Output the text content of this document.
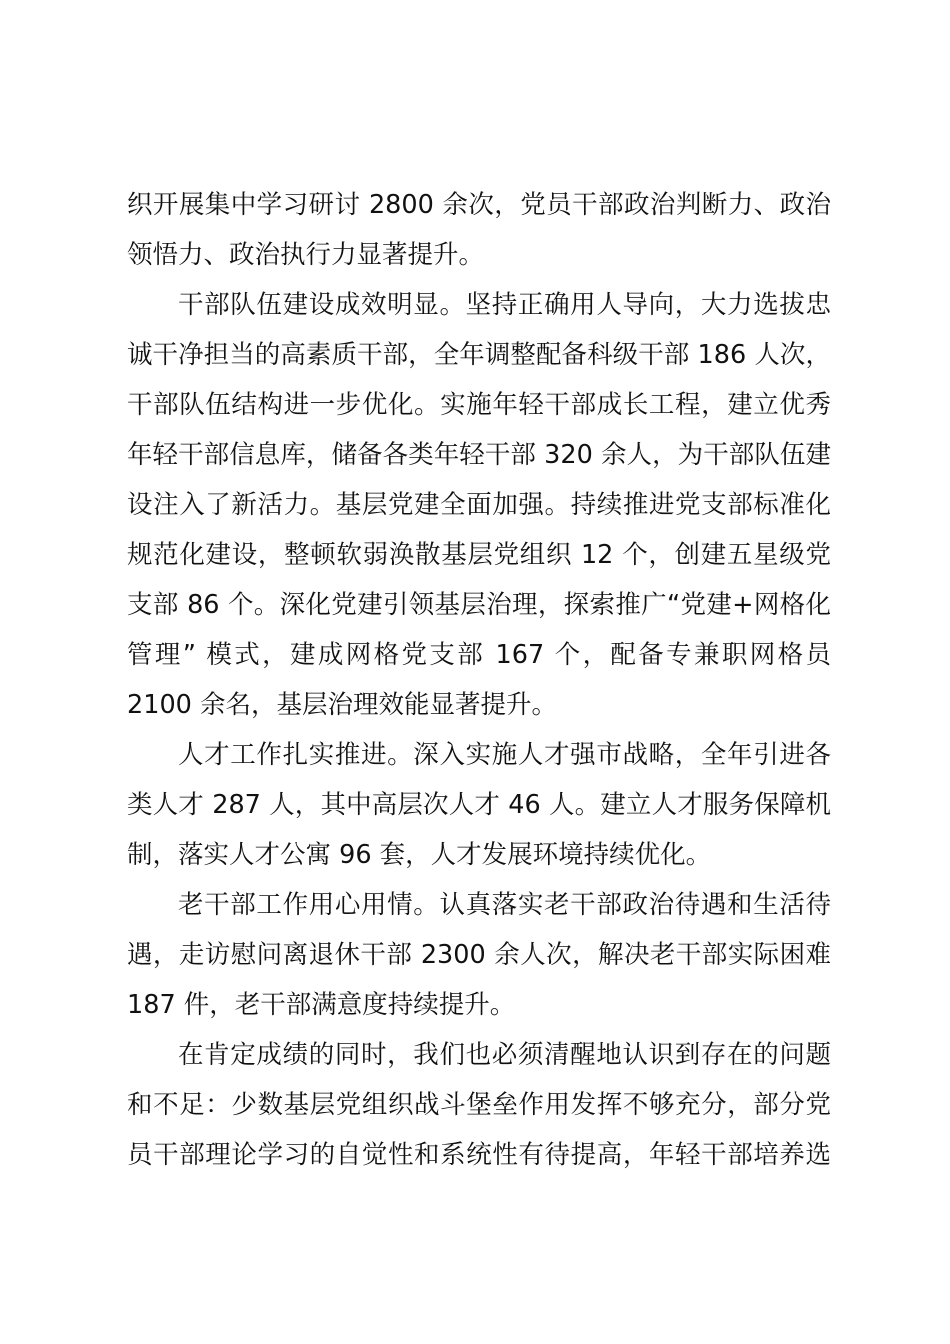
织开展集中学习研讨 2800 余次，党员干部政治判断力、政治
领悟力、政治执行力显著提升。
干部队伍建设成效明显。坚持正确用人导向，大力选拔忠
诚干净担当的高素质干部，全年调整配备科级干部 186 人次，
干部队伍结构进一步优化。实施年轻干部成长工程，建立优秀
年轻干部信息库，储备各类年轻干部 320 余人，为干部队伍建
设注入了新活力。基层党建全面加强。持续推进党支部标准化
规范化建设，整顿软弱涣散基层党组织 12 个，创建五星级党
支部 86 个。深化党建引领基层治理，探索推广“党建+网格化
管理” 模式，建成网格党支部 167 个，配备专兼职网格员
2100 余名，基层治理效能显著提升。
人才工作扎实推进。深入实施人才强市战略，全年引进各
类人才 287 人，其中高层次人才 46 人。建立人才服务保障机
制，落实人才公寓 96 套，人才发展环境持续优化。
老干部工作用心用情。认真落实老干部政治待遇和生活待
遇，走访慰问离退休干部 2300 余人次，解决老干部实际困难
187 件，老干部满意度持续提升。
在肯定成绩的同时，我们也必须清醒地认识到存在的问题
和不足：少数基层党组织战斗堡垒作用发挥不够充分，部分党
员干部理论学习的自觉性和系统性有待提高，年轻干部培养选
